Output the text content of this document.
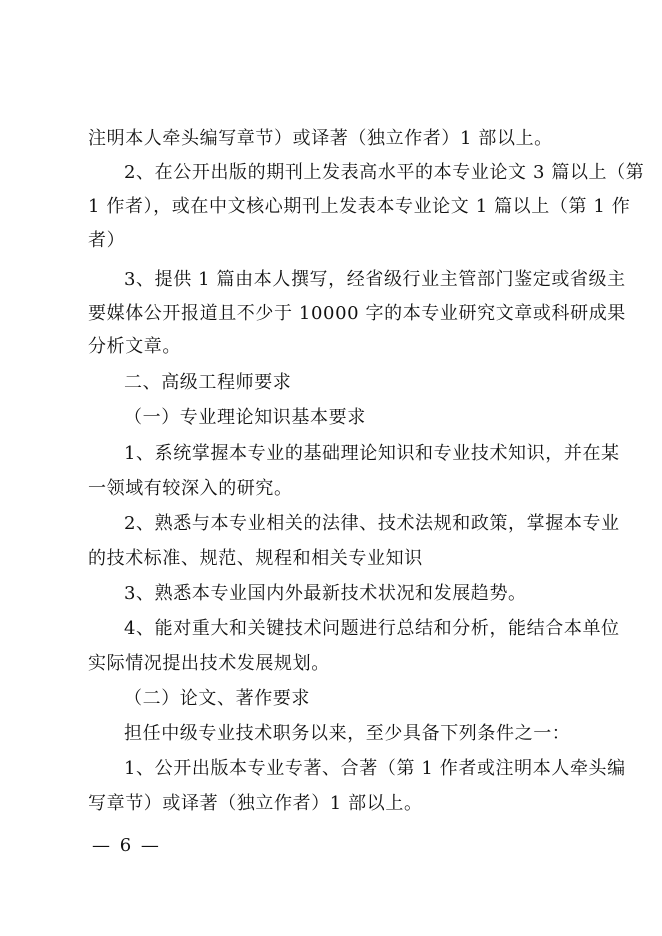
注明本人牵头编写章节）或译著（独立作者）1 部以上。
2、在公开出版的期刊上发表高水平的本专业论文 3 篇以上（第
1 作者），或在中文核心期刊上发表本专业论文 1 篇以上（第 1 作
者）
3、提供 1 篇由本人撰写，经省级行业主管部门鉴定或省级主
要媒体公开报道且不少于 10000 字的本专业研究文章或科研成果
分析文章。
二、高级工程师要求
（一）专业理论知识基本要求
1、系统掌握本专业的基础理论知识和专业技术知识，并在某
一领域有较深入的研究。
2、熟悉与本专业相关的法律、技术法规和政策，掌握本专业
的技术标准、规范、规程和相关专业知识
3、熟悉本专业国内外最新技术状况和发展趋势。
4、能对重大和关键技术问题进行总结和分析，能结合本单位
实际情况提出技术发展规划。
（二）论文、著作要求
担任中级专业技术职务以来，至少具备下列条件之一：
1、公开出版本专业专著、合著（第 1 作者或注明本人牵头编
写章节）或译著（独立作者）1 部以上。
— 6 —
